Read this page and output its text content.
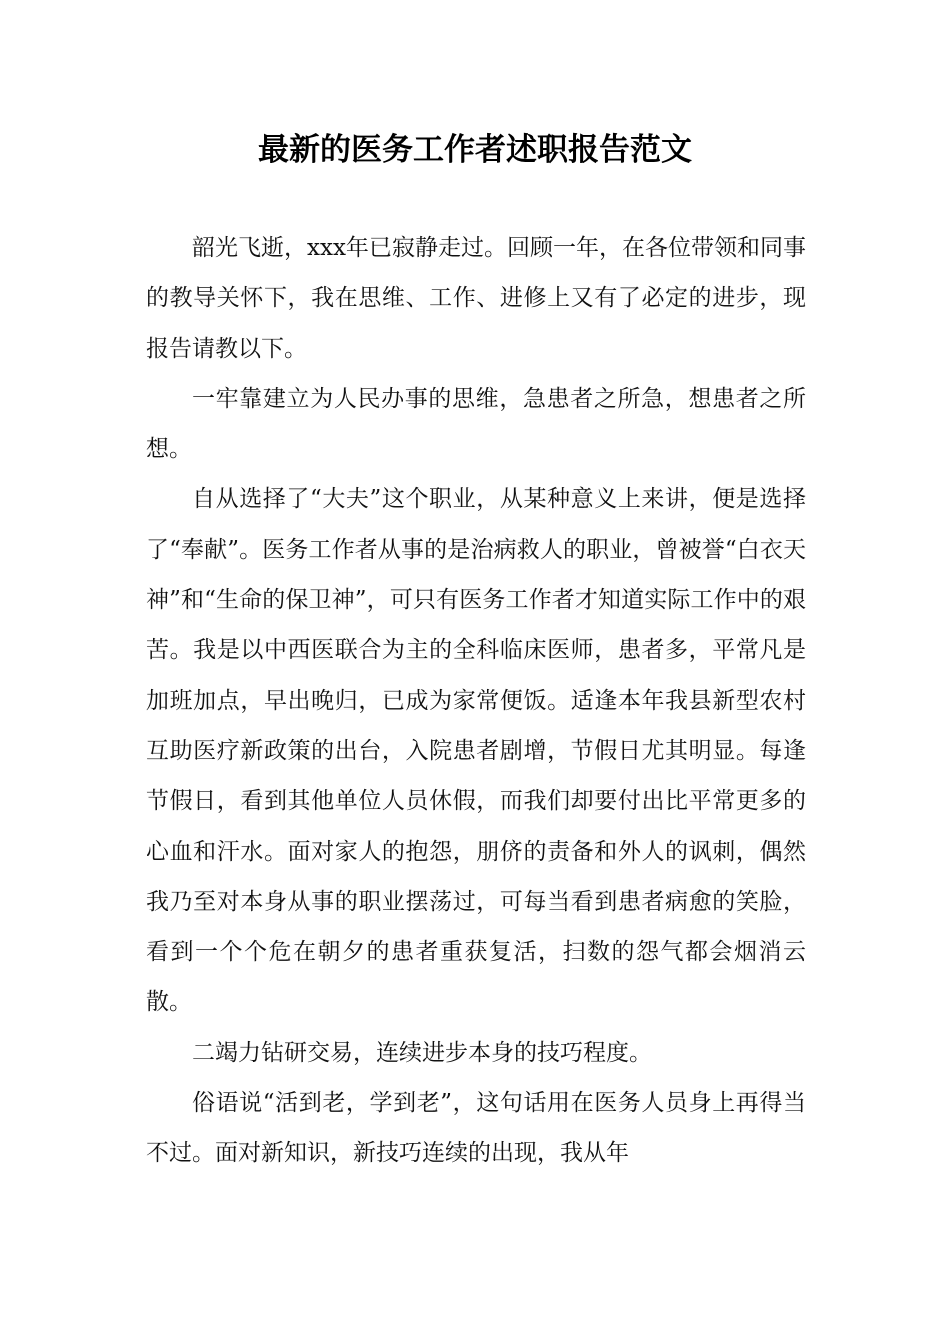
最新的医务工作者述职报告范文

韶光飞逝，xxx年已寂静走过。回顾一年，在各位带领和同事的教导关怀下，我在思维、工作、进修上又有了必定的进步，现报告请教以下。

一牢靠建立为人民办事的思维，急患者之所急，想患者之所想。

自从选择了“大夫”这个职业，从某种意义上来讲，便是选择了“奉献”。医务工作者从事的是治病救人的职业，曾被誉“白衣天神”和“生命的保卫神”，可只有医务工作者才知道实际工作中的艰苦。我是以中西医联合为主的全科临床医师，患者多，平常凡是加班加点，早出晚归，已成为家常便饭。适逢本年我县新型农村互助医疗新政策的出台，入院患者剧增，节假日尤其明显。每逢节假日，看到其他单位人员休假，而我们却要付出比平常更多的心血和汗水。面对家人的抱怨，朋侪的责备和外人的讽刺，偶然我乃至对本身从事的职业摆荡过，可每当看到患者病愈的笑脸，看到一个个危在朝夕的患者重获复活，扫数的怨气都会烟消云散。

二竭力钻研交易，连续进步本身的技巧程度。

俗语说“活到老，学到老”，这句话用在医务人员身上再得当不过。面对新知识，新技巧连续的出现，我从年
